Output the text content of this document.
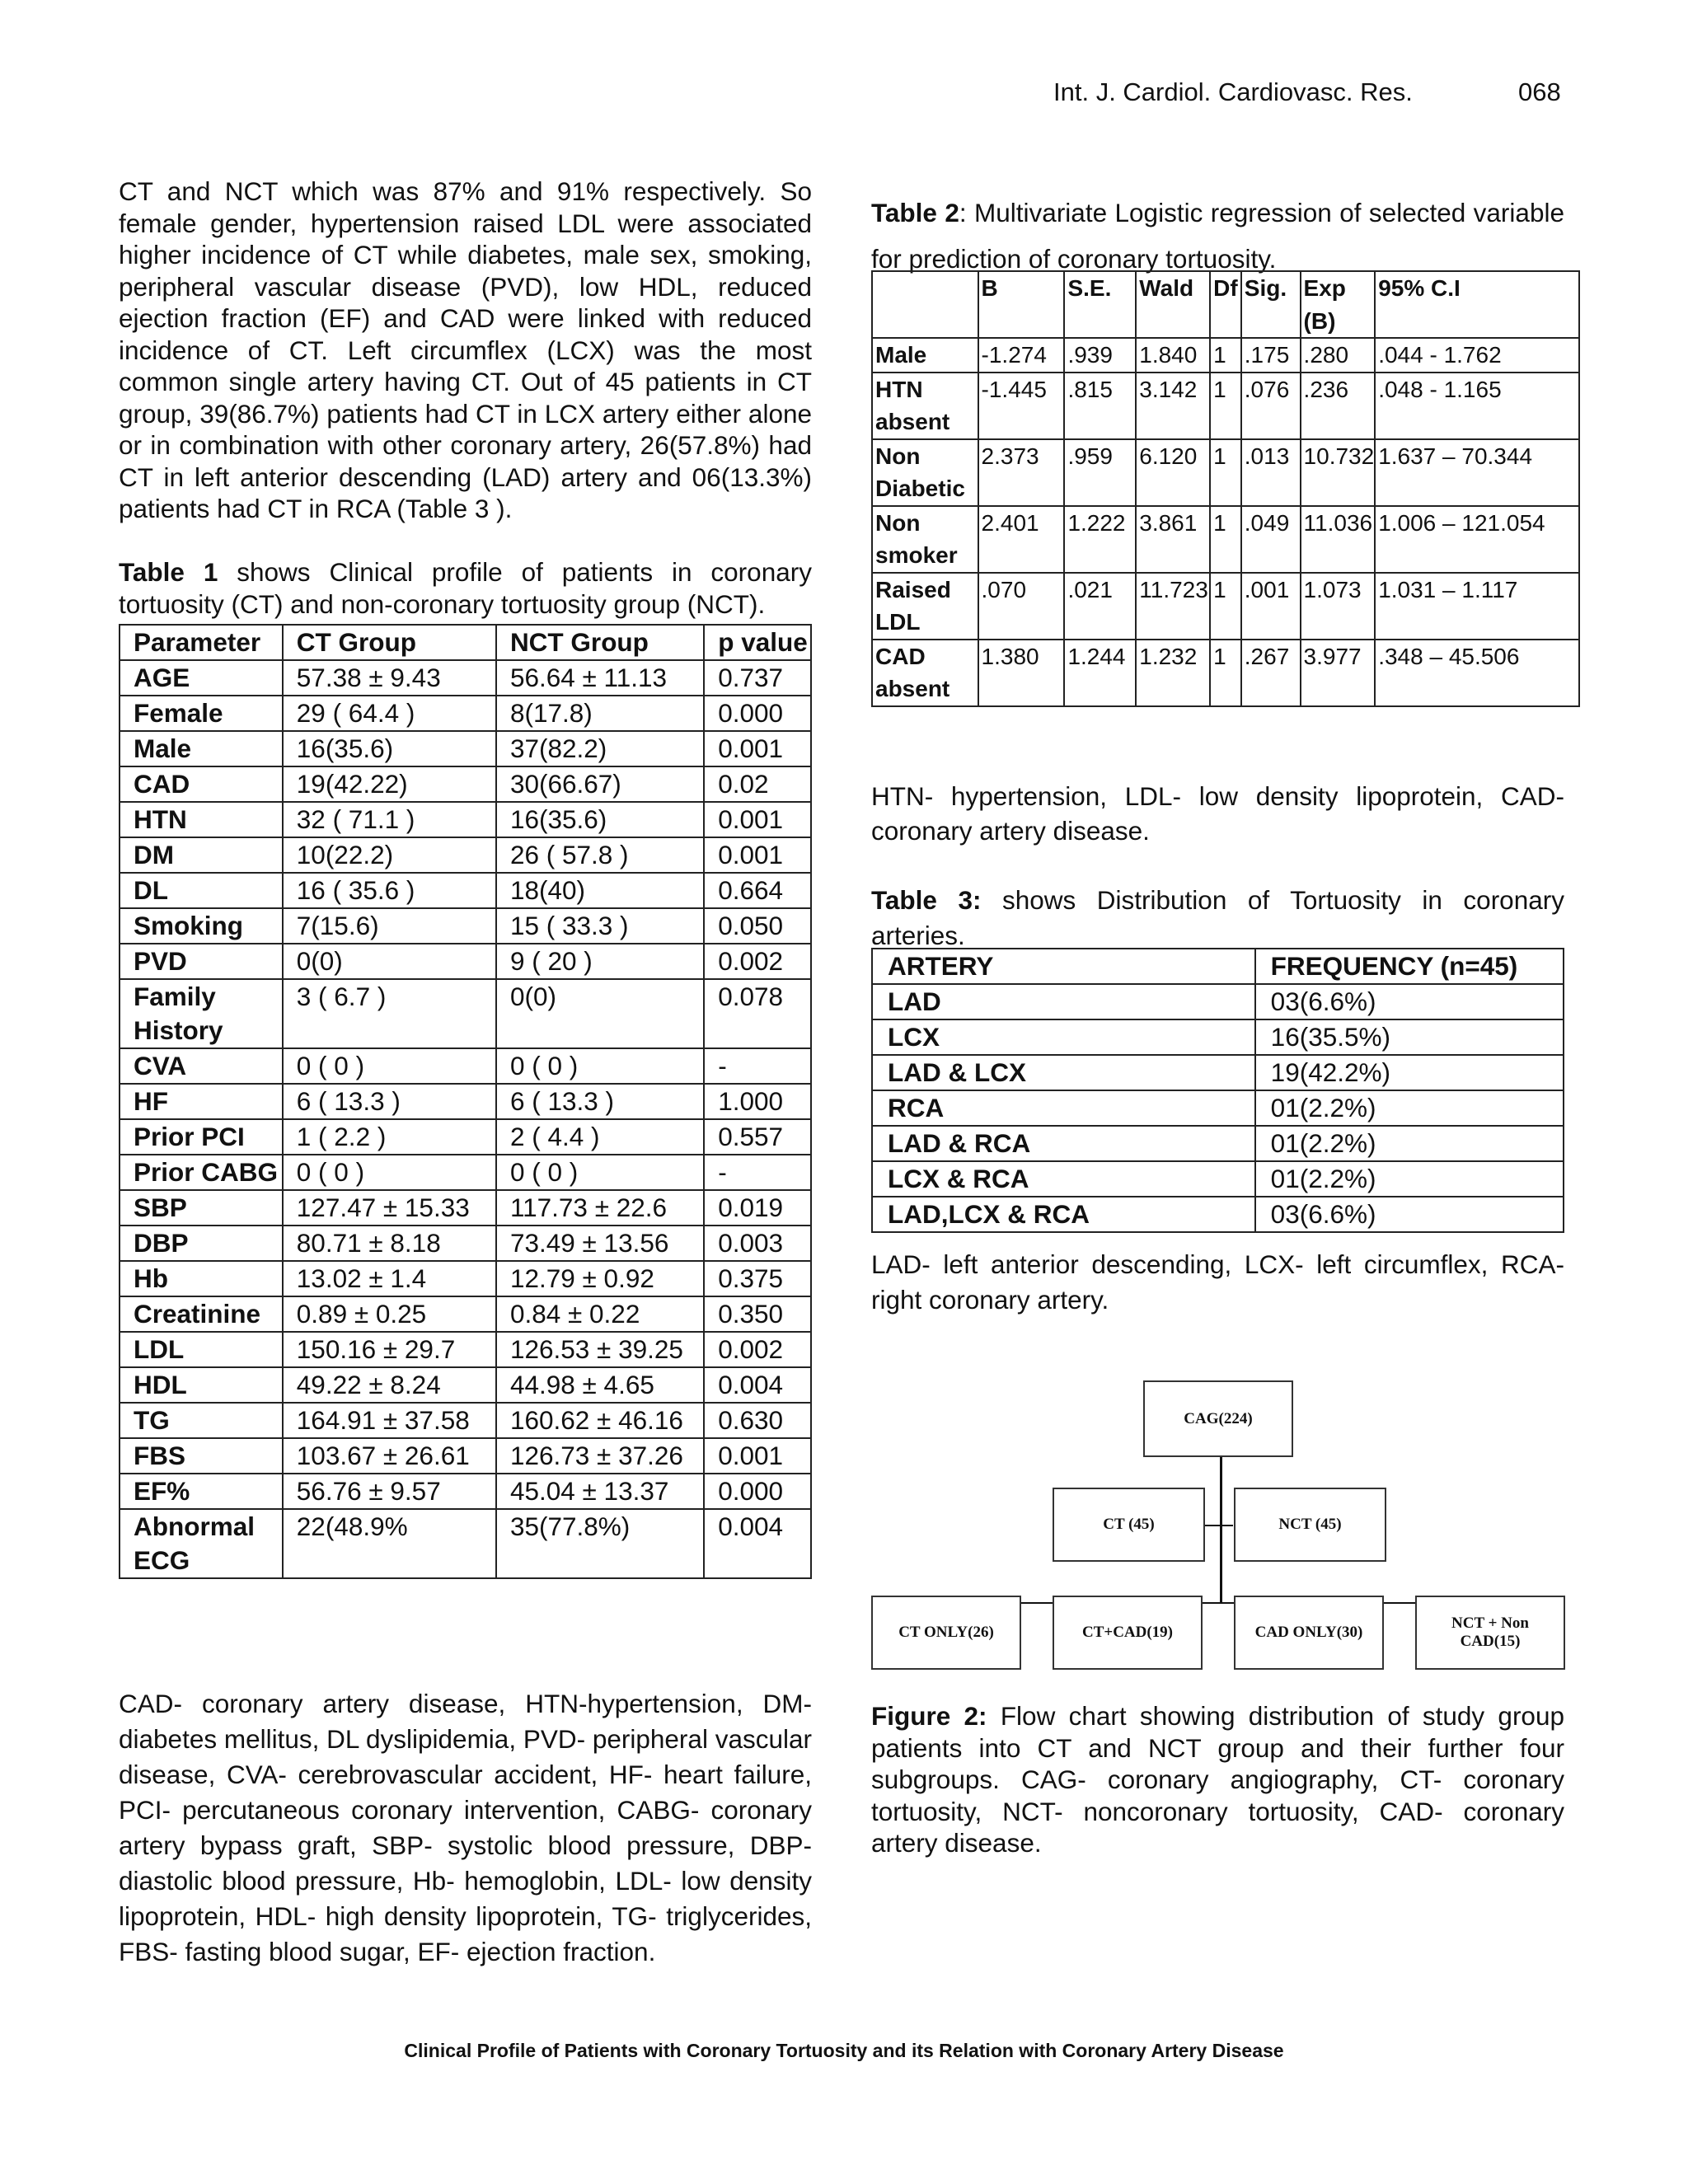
Int. J. Cardiol. Cardiovasc. Res.	068

CT and NCT which was 87% and 91% respectively. So female gender, hypertension raised LDL were associated higher incidence of CT while diabetes, male sex, smoking, peripheral vascular disease (PVD), low HDL, reduced ejection fraction (EF) and CAD were linked with reduced incidence of CT. Left circumflex (LCX) was the most common single artery having CT. Out of 45 patients in CT group, 39(86.7%) patients had CT in LCX artery either alone or in combination with other coronary artery, 26(57.8%) had CT in left anterior descending (LAD) artery and 06(13.3%) patients had CT in RCA (Table 3 ).

Table 1 shows Clinical profile of patients in coronary tortuosity (CT) and non-coronary tortuosity group (NCT).

Parameter	CT Group	NCT Group	p value
AGE	57.38 ± 9.43	56.64 ± 11.13	0.737
Female	29 ( 64.4 )	8(17.8)	0.000
Male	16(35.6)	37(82.2)	0.001
CAD	19(42.22)	30(66.67)	0.02
HTN	32 ( 71.1 )	16(35.6)	0.001
DM	10(22.2)	26 ( 57.8 )	0.001
DL	16 ( 35.6 )	18(40)	0.664
Smoking	7(15.6)	15 ( 33.3 )	0.050
PVD	0(0)	9 ( 20 )	0.002
Family History	3 ( 6.7 )	0(0)	0.078
CVA	0 ( 0 )	0 ( 0 )	-
HF	6 ( 13.3 )	6 ( 13.3 )	1.000
Prior PCI	1 ( 2.2 )	2 ( 4.4 )	0.557
Prior CABG	0 ( 0 )	0 ( 0 )	-
SBP	127.47 ± 15.33	117.73 ± 22.6	0.019
DBP	80.71 ± 8.18	73.49 ± 13.56	0.003
Hb	13.02 ± 1.4	12.79 ± 0.92	0.375
Creatinine	0.89 ± 0.25	0.84 ± 0.22	0.350
LDL	150.16 ± 29.7	126.53 ± 39.25	0.002
HDL	49.22 ± 8.24	44.98 ± 4.65	0.004
TG	164.91 ± 37.58	160.62 ± 46.16	0.630
FBS	103.67 ± 26.61	126.73 ± 37.26	0.001
EF%	56.76 ± 9.57	45.04 ± 13.37	0.000
Abnormal ECG	22(48.9%	35(77.8%)	0.004

CAD- coronary artery disease, HTN-hypertension, DM- diabetes mellitus, DL dyslipidemia, PVD- peripheral vascular disease, CVA- cerebrovascular accident, HF- heart failure, PCI- percutaneous coronary intervention, CABG- coronary artery bypass graft, SBP- systolic blood pressure, DBP- diastolic blood pressure, Hb- hemoglobin, LDL- low density lipoprotein, HDL- high density lipoprotein, TG- triglycerides, FBS- fasting blood sugar, EF- ejection fraction.

Table 2: Multivariate Logistic regression of selected variable for prediction of coronary tortuosity.

	B	S.E.	Wald	Df	Sig.	Exp (B)	95% C.I
Male	-1.274	.939	1.840	1	.175	.280	.044 - 1.762
HTN absent	-1.445	.815	3.142	1	.076	.236	.048 - 1.165
Non Diabetic	2.373	.959	6.120	1	.013	10.732	1.637 – 70.344
Non smoker	2.401	1.222	3.861	1	.049	11.036	1.006 – 121.054
Raised LDL	.070	.021	11.723	1	.001	1.073	1.031 – 1.117
CAD absent	1.380	1.244	1.232	1	.267	3.977	.348 – 45.506

HTN- hypertension, LDL- low density lipoprotein, CAD- coronary artery disease.

Table 3: shows Distribution of Tortuosity in coronary arteries.

ARTERY	FREQUENCY (n=45)
LAD	03(6.6%)
LCX	16(35.5%)
LAD & LCX	19(42.2%)
RCA	01(2.2%)
LAD & RCA	01(2.2%)
LCX & RCA	01(2.2%)
LAD,LCX & RCA	03(6.6%)

LAD- left anterior descending, LCX- left circumflex, RCA- right coronary artery.

CAG(224)
CT (45)	NCT (45)
CT ONLY(26)	CT+CAD(19)	CAD ONLY(30)
NCT + Non CAD(15)

Figure 2: Flow chart showing distribution of study group patients into CT and NCT group and their further four subgroups. CAG- coronary angiography, CT- coronary tortuosity, NCT- noncoronary tortuosity, CAD- coronary artery disease.

Clinical Profile of Patients with Coronary Tortuosity and its Relation with Coronary Artery Disease
